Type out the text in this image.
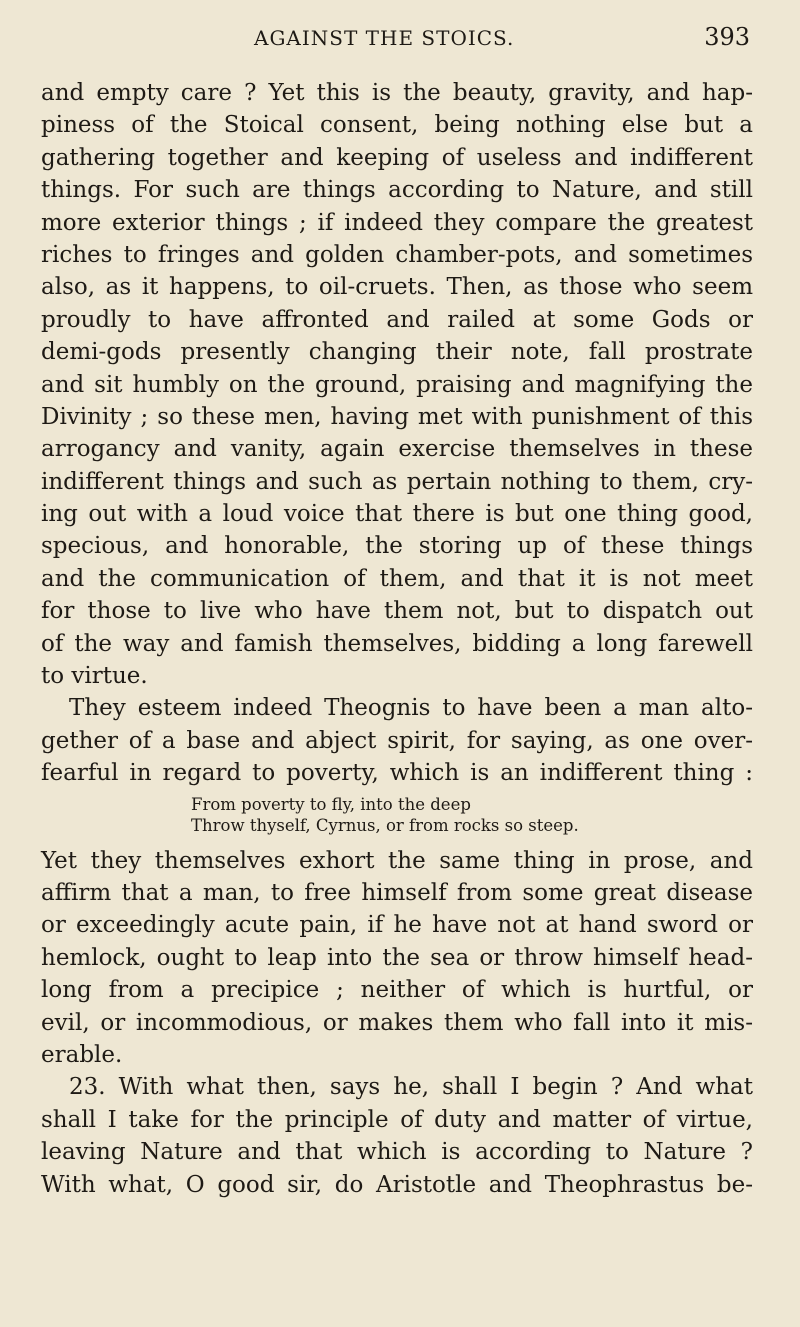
AGAINST THE STOICS.	393
and empty care ? Yet this is the beauty, gravity, and hap-
piness of the Stoical consent, being nothing else but a
gathering together and keeping of useless and indifferent
things. For such are things according to Nature, and still
more exterior things ; if indeed they compare the greatest
riches to fringes and golden chamber-pots, and sometimes
also, as it happens, to oil-cruets. Then, as those who seem
proudly to have affronted and railed at some Gods or
demi-gods presently changing their note, fall prostrate
and sit humbly on the ground, praising and magnifying the
Divinity ; so these men, having met with punishment of this
arrogancy and vanity, again exercise themselves in these
indifferent things and such as pertain nothing to them, cry-
ing out with a loud voice that there is but one thing good,
specious, and honorable, the storing up of these things
and the communication of them, and that it is not meet
for those to live who have them not, but to dispatch out
of the way and famish themselves, bidding a long farewell
to virtue.
They esteem indeed Theognis to have been a man alto-
gether of a base and abject spirit, for saying, as one over-
fearful in regard to poverty, which is an indifferent thing :
From poverty to fly, into the deep
Throw thyself, Cyrnus, or from rocks so steep.
Yet they themselves exhort the same thing in prose, and
affirm that a man, to free himself from some great disease
or exceedingly acute pain, if he have not at hand sword or
hemlock, ought to leap into the sea or throw himself head-
long from a precipice ; neither of which is hurtful, or
evil, or incommodious, or makes them who fall into it mis-
erable.
23. With what then, says he, shall I begin ? And what
shall I take for the principle of duty and matter of virtue,
leaving Nature and that which is according to Nature ?
With what, O good sir, do Aristotle and Theophrastus be-
